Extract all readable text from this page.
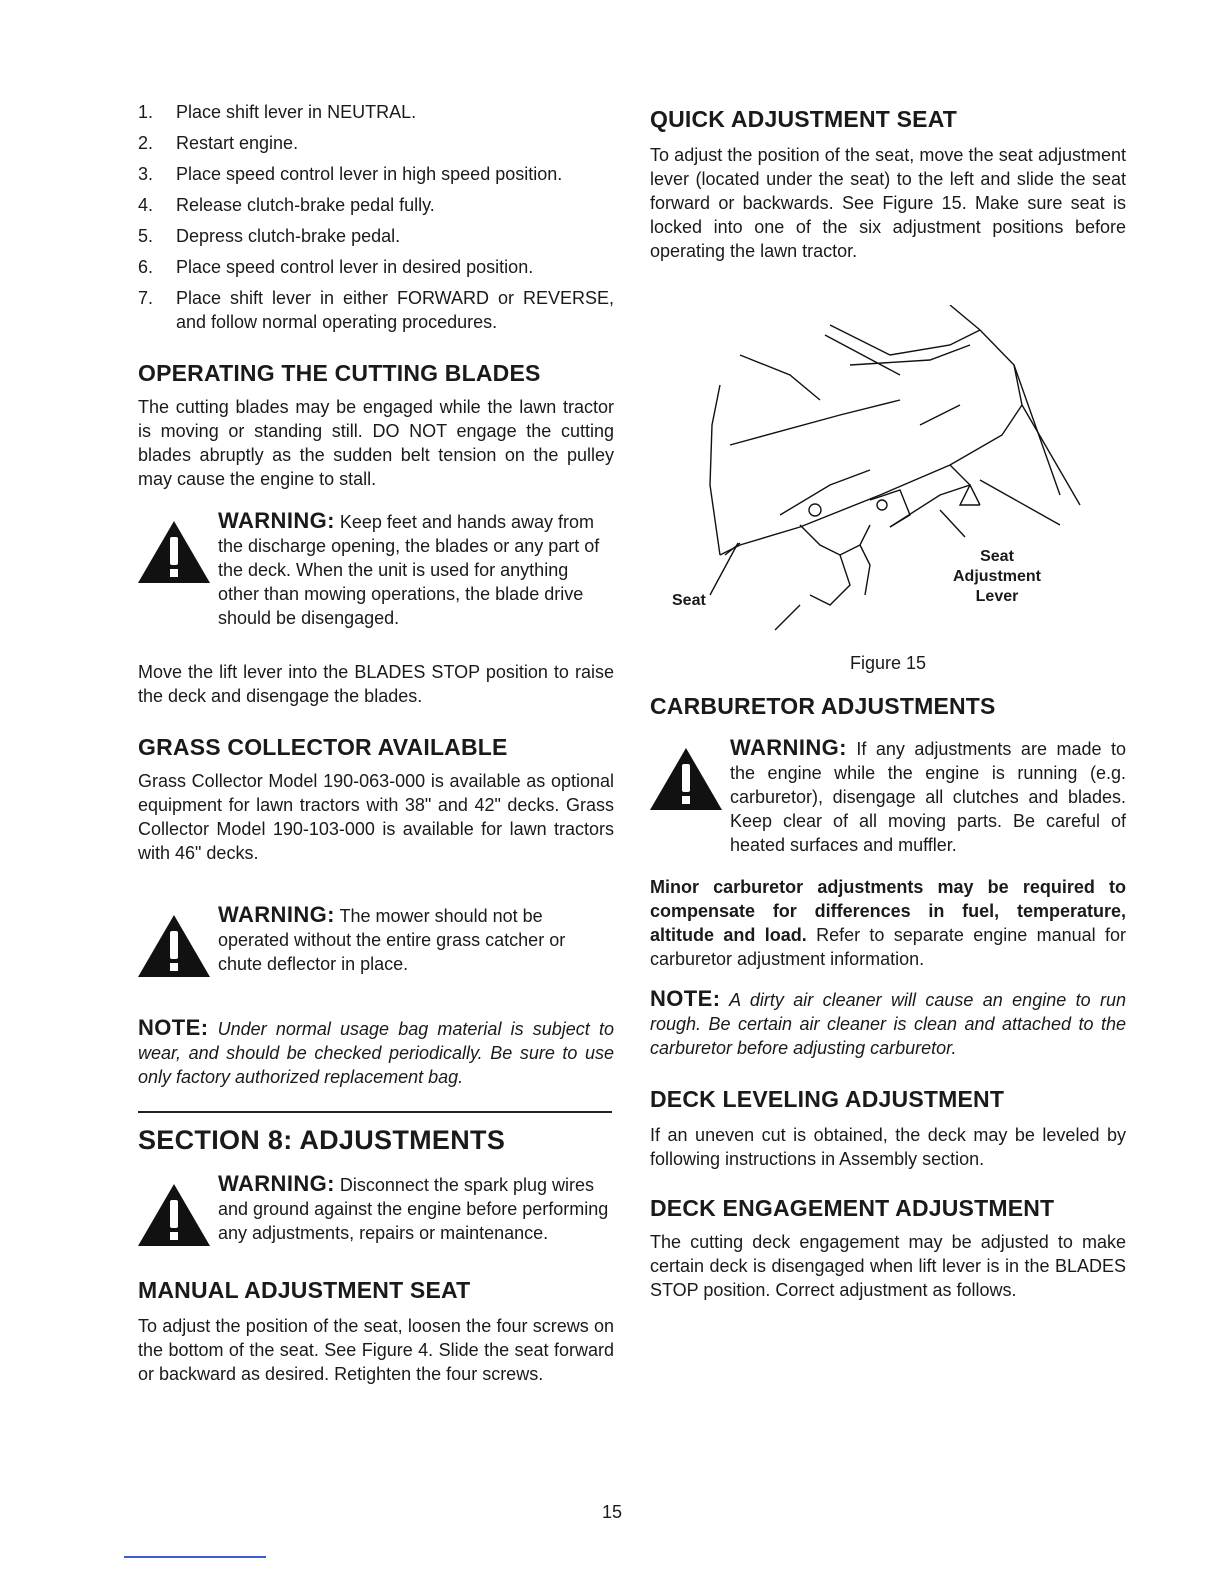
1.	Place shift lever in NEUTRAL.
2.	Restart engine.
3.	Place speed control lever in high speed position.
4.	Release clutch-brake pedal fully.
5.	Depress clutch-brake pedal.
6.	Place speed control lever in desired position.
7.	Place shift lever in either FORWARD or REVERSE, and follow normal operating procedures.
OPERATING THE CUTTING BLADES

The cutting blades may be engaged while the lawn tractor is moving or standing still. DO NOT engage the cutting blades abruptly as the sudden belt tension on the pulley may cause the engine to stall.

WARNING: Keep feet and hands away from the discharge opening, the blades or any part of the deck. When the unit is used for anything other than mowing operations, the blade drive should be disengaged.

Move the lift lever into the BLADES STOP position to raise the deck and disengage the blades.

GRASS COLLECTOR AVAILABLE

Grass Collector Model 190-063-000 is available as optional equipment for lawn tractors with 38" and 42" decks. Grass Collector Model 190-103-000 is available for lawn tractors with 46" decks.

WARNING: The mower should not be operated without the entire grass catcher or chute deflector in place.

NOTE: Under normal usage bag material is subject to wear, and should be checked periodically. Be sure to use only factory authorized replacement bag.

SECTION 8: ADJUSTMENTS
WARNING: Disconnect the spark plug wires and ground against the engine before performing any adjustments, repairs or maintenance.
MANUAL ADJUSTMENT SEAT

To adjust the position of the seat, loosen the four screws on the bottom of the seat. See Figure 4. Slide the seat forward or backward as desired. Retighten the four screws.

QUICK ADJUSTMENT SEAT

To adjust the position of the seat, move the seat adjustment lever (located under the seat) to the left and slide the seat forward or backwards. See Figure 15. Make sure seat is locked into one of the six adjustment positions before operating the lawn tractor.

Seat
Seat
Adjustment
Lever
Figure 15
CARBURETOR ADJUSTMENTS
WARNING: If any adjustments are made to the engine while the engine is running (e.g. carburetor), disengage all clutches and blades. Keep clear of all moving parts. Be careful of heated surfaces and muffler.

Minor carburetor adjustments may be required to compensate for differences in fuel, temperature, altitude and load. Refer to separate engine manual for carburetor adjustment information.

NOTE: A dirty air cleaner will cause an engine to run rough. Be certain air cleaner is clean and attached to the carburetor before adjusting carburetor.

DECK LEVELING ADJUSTMENT

If an uneven cut is obtained, the deck may be leveled by following instructions in Assembly section.

DECK ENGAGEMENT ADJUSTMENT

The cutting deck engagement may be adjusted to make certain deck is disengaged when lift lever is in the BLADES STOP position. Correct adjustment as follows.

15
